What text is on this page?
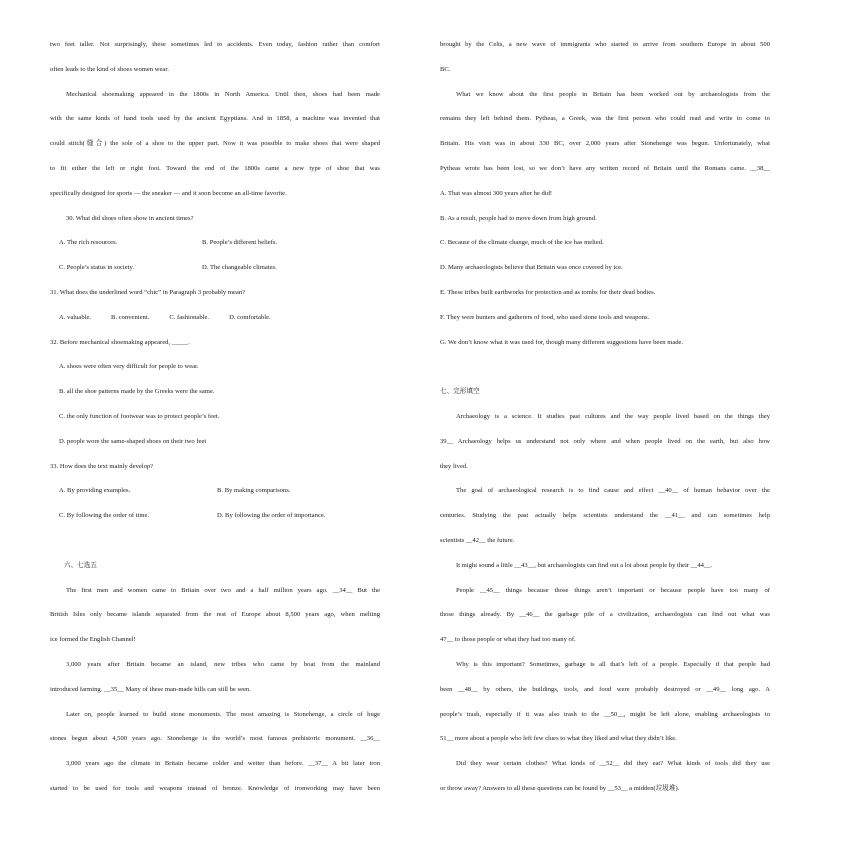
two feet taller. Not surprisingly, these sometimes led to accidents. Even today, fashion rather than comfort
often leads to the kind of shoes women wear.
Mechanical shoemaking appeared in the 1800s in North America. Until then, shoes had been made
with the same kinds of hand tools used by the ancient Egyptians. And in 1858, a machine was invented that
could stitch(缝合) the sole of a shoe to the upper part. Now it was possible to make shoes that were shaped
to fit either the left or right foot. Toward the end of the 1800s came a new type of shoe that was
specifically designed for sports — the sneaker — and it soon become an all-time favorite.
30. What did shoes often show in ancient times?
A. The rich resources.	B. People’s different beliefs.
C. People’s status in society.	D. The changeable climates.
31. What does the underlined word “chic” in Paragraph 3 probably mean?
A. valuable.	B. convenient.	C. fashionable.	D. comfortable.
32. Before mechanical shoemaking appeared, _____.
A. shoes were often very difficult for people to wear.
B. all the shoe patterns made by the Greeks were the same.
C. the only function of footwear was to protect people’s feet.
D. people wore the same-shaped shoes on their two feet
33. How does the text mainly develop?
A. By providing examples.	B. By making comparisons.
C. By following the order of time.	D. By following the order of importance.
六、七选五
The first men and women came to Britain over two and a half million years ago. __34__ But the
British Isles only became islands separated from the rest of Europe about 8,500 years ago, when melting
ice formed the English Channel!
3,000 years after Britain became an island, new tribes who came by boat from the mainland
introduced farming. __35__ Many of these man-made hills can still be seen.
Later on, people learned to build stone monuments. The most amazing is Stonehenge, a circle of huge
stones begun about 4,500 years ago. Stonehenge is the world’s most famous prehistoric monument. __36__
3,000 years ago the climate in Britain became colder and wetter than before. __37__ A bit later iron
started to be used for tools and weapons instead of bronze. Knowledge of ironworking may have been
brought by the Celts, a new wave of immigrants who started to arrive from southern Europe in about 500
BC.
What we know about the first people in Britain has been worked out by archaeologists from the
remains they left behind them. Pytheas, a Greek, was the first person who could read and write to come to
Britain. His visit was in about 330 BC, over 2,000 years after Stonehenge was begun. Unfortunately, what
Pytheas wrote has been lost, so we don’t have any written record of Britain until the Romans came. __38__
A. That was almost 300 years after he did!
B. As a result, people had to move down from high ground.
C. Because of the climate change, much of the ice has melted.
D. Many archaeologists believe that Britain was once covered by ice.
E. These tribes built earthworks for protection and as tombs for their dead bodies.
F. They were hunters and gatherers of food, who used stone tools and weapons.
G. We don’t know what it was used for, though many different suggestions have been made.
七、完形填空
Archaeology is a science. It studies past cultures and the way people lived based on the things they
39__ Archaeology helps us understand not only where and when people lived on the earth, but also how
they lived.
The goal of archaeological research is to find cause and effect __40__ of human behavior over the
centuries. Studying the past actually helps scientists understand the __41__ and can sometimes help
scientists __42__ the future.
It might sound a little __43__, but archaeologists can find out a lot about people by their __44__.
People __45__ things because those things aren’t important or because people have too many of
those things already. By __46__ the garbage pile of a civilization, archaeologists can find out what was
47__ to those people or what they had too many of.
Why is this important? Sometimes, garbage is all that’s left of a people. Especially if that people had
been __48__ by others, the buildings, tools, and food were probably destroyed or __49__ long ago. A
people’s trash, especially if it was also trash to the __50__, might be left alone, enabling archaeologists to
51__ more about a people who left few clues to what they liked and what they didn’t like.
Did they wear certain clothes? What kinds of __52__ did they eat? What kinds of tools did they use
or throw away? Answers to all these questions can be found by __53__ a midden(垃圾堆).
